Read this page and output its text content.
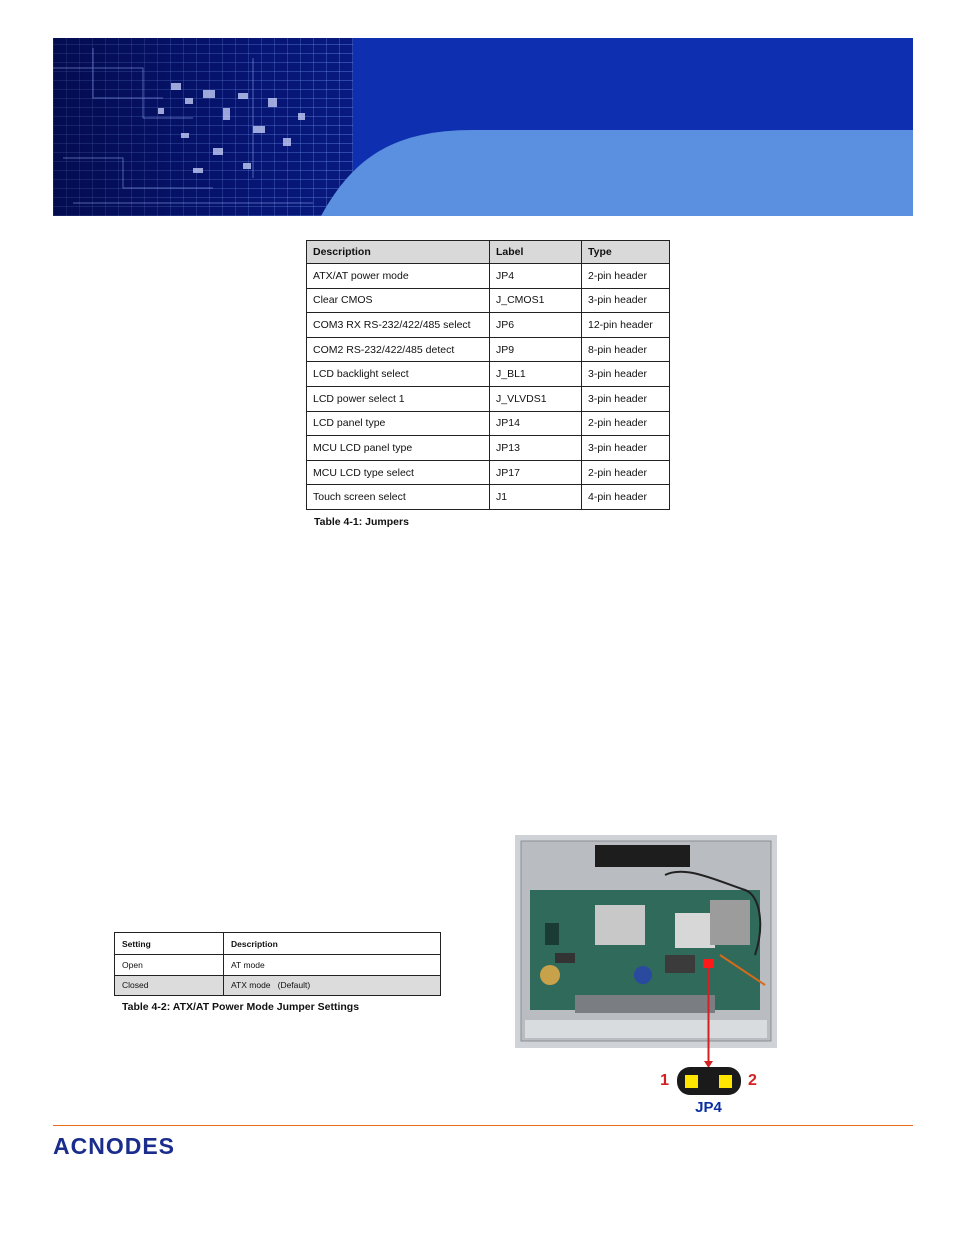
Description	Label	Type
ATX/AT power mode	JP4	2-pin header
Clear CMOS	J_CMOS1	3-pin header
COM3 RX RS-232/422/485 select	JP6	12-pin header
COM2 RS-232/422/485 detect	JP9	8-pin header
LCD backlight select	J_BL1	3-pin header
LCD power select 1	J_VLVDS1	3-pin header
LCD panel type	JP14	2-pin header
MCU LCD panel type	JP13	3-pin header
MCU LCD type select	JP17	2-pin header
Touch screen select	J1	4-pin header
Table 4-1: Jumpers
Setting	Description
Open	AT mode
Closed	ATX mode   (Default)
Table 4-2: ATX/AT Power Mode Jumper Settings
1	2
JP4
ACNODES
